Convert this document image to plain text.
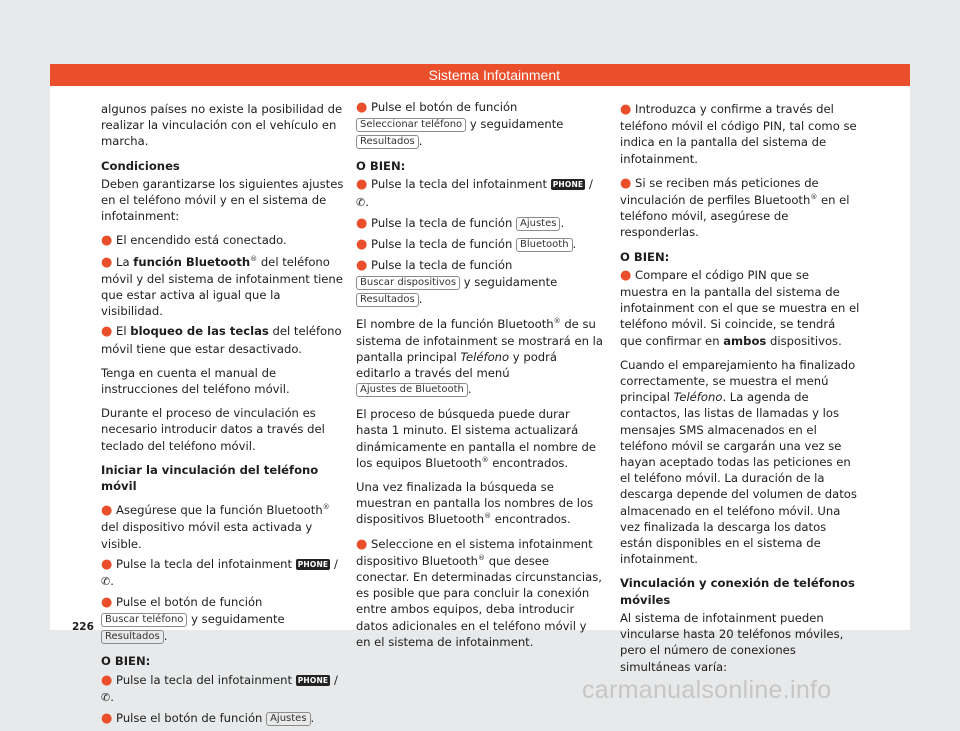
Sistema Infotainment

algunos países no existe la posibilidad de realizar la vinculación con el vehículo en marcha.

Condiciones

Deben garantizarse los siguientes ajustes en el teléfono móvil y en el sistema de infotainment:

● El encendido está conectado.

● La función Bluetooth® del teléfono móvil y del sistema de infotainment tiene que estar activa al igual que la visibilidad.

● El bloqueo de las teclas del teléfono móvil tiene que estar desactivado.

Tenga en cuenta el manual de instrucciones del teléfono móvil.

Durante el proceso de vinculación es necesario introducir datos a través del teclado del teléfono móvil.

Iniciar la vinculación del teléfono móvil

● Asegúrese que la función Bluetooth® del dispositivo móvil esta activada y visible.

● Pulse la tecla del infotainment PHONE / ✆.

● Pulse el botón de función Buscar teléfono y seguidamente Resultados .

O BIEN:

● Pulse la tecla del infotainment PHONE / ✆.

● Pulse el botón de función Ajustes .

● Pulse el botón de función Seleccionar teléfono y seguidamente Resultados .

O BIEN:

● Pulse la tecla del infotainment PHONE / ✆.

● Pulse la tecla de función Ajustes .

● Pulse la tecla de función Bluetooth .

● Pulse la tecla de función Buscar dispositivos y seguidamente Resultados .

El nombre de la función Bluetooth® de su sistema de infotainment se mostrará en la pantalla principal Teléfono y podrá editarlo a través del menú Ajustes de Bluetooth .

El proceso de búsqueda puede durar hasta 1 minuto. El sistema actualizará dinámicamente en pantalla el nombre de los equipos Bluetooth® encontrados.

Una vez finalizada la búsqueda se muestran en pantalla los nombres de los dispositivos Bluetooth® encontrados.

● Seleccione en el sistema infotainment dispositivo Bluetooth® que desee conectar. En determinadas circunstancias, es posible que para concluir la conexión entre ambos equipos, deba introducir datos adicionales en el teléfono móvil y en el sistema de infotainment.

● Introduzca y confirme a través del teléfono móvil el código PIN, tal como se indica en la pantalla del sistema de infotainment.

● Si se reciben más peticiones de vinculación de perfiles Bluetooth® en el teléfono móvil, asegúrese de responderlas.

O BIEN:

● Compare el código PIN que se muestra en la pantalla del sistema de infotainment con el que se muestra en el teléfono móvil. Si coincide, se tendrá que confirmar en ambos dispositivos.

Cuando el emparejamiento ha finalizado correctamente, se muestra el menú principal Teléfono. La agenda de contactos, las listas de llamadas y los mensajes SMS almacenados en el teléfono móvil se cargarán una vez se hayan aceptado todas las peticiones en el teléfono móvil. La duración de la descarga depende del volumen de datos almacenado en el teléfono móvil. Una vez finalizada la descarga los datos están disponibles en el sistema de infotainment.

Vinculación y conexión de teléfonos móviles

Al sistema de infotainment pueden vincularse hasta 20 teléfonos móviles, pero el número de conexiones simultáneas varía:

226
carmanualsonline.info
